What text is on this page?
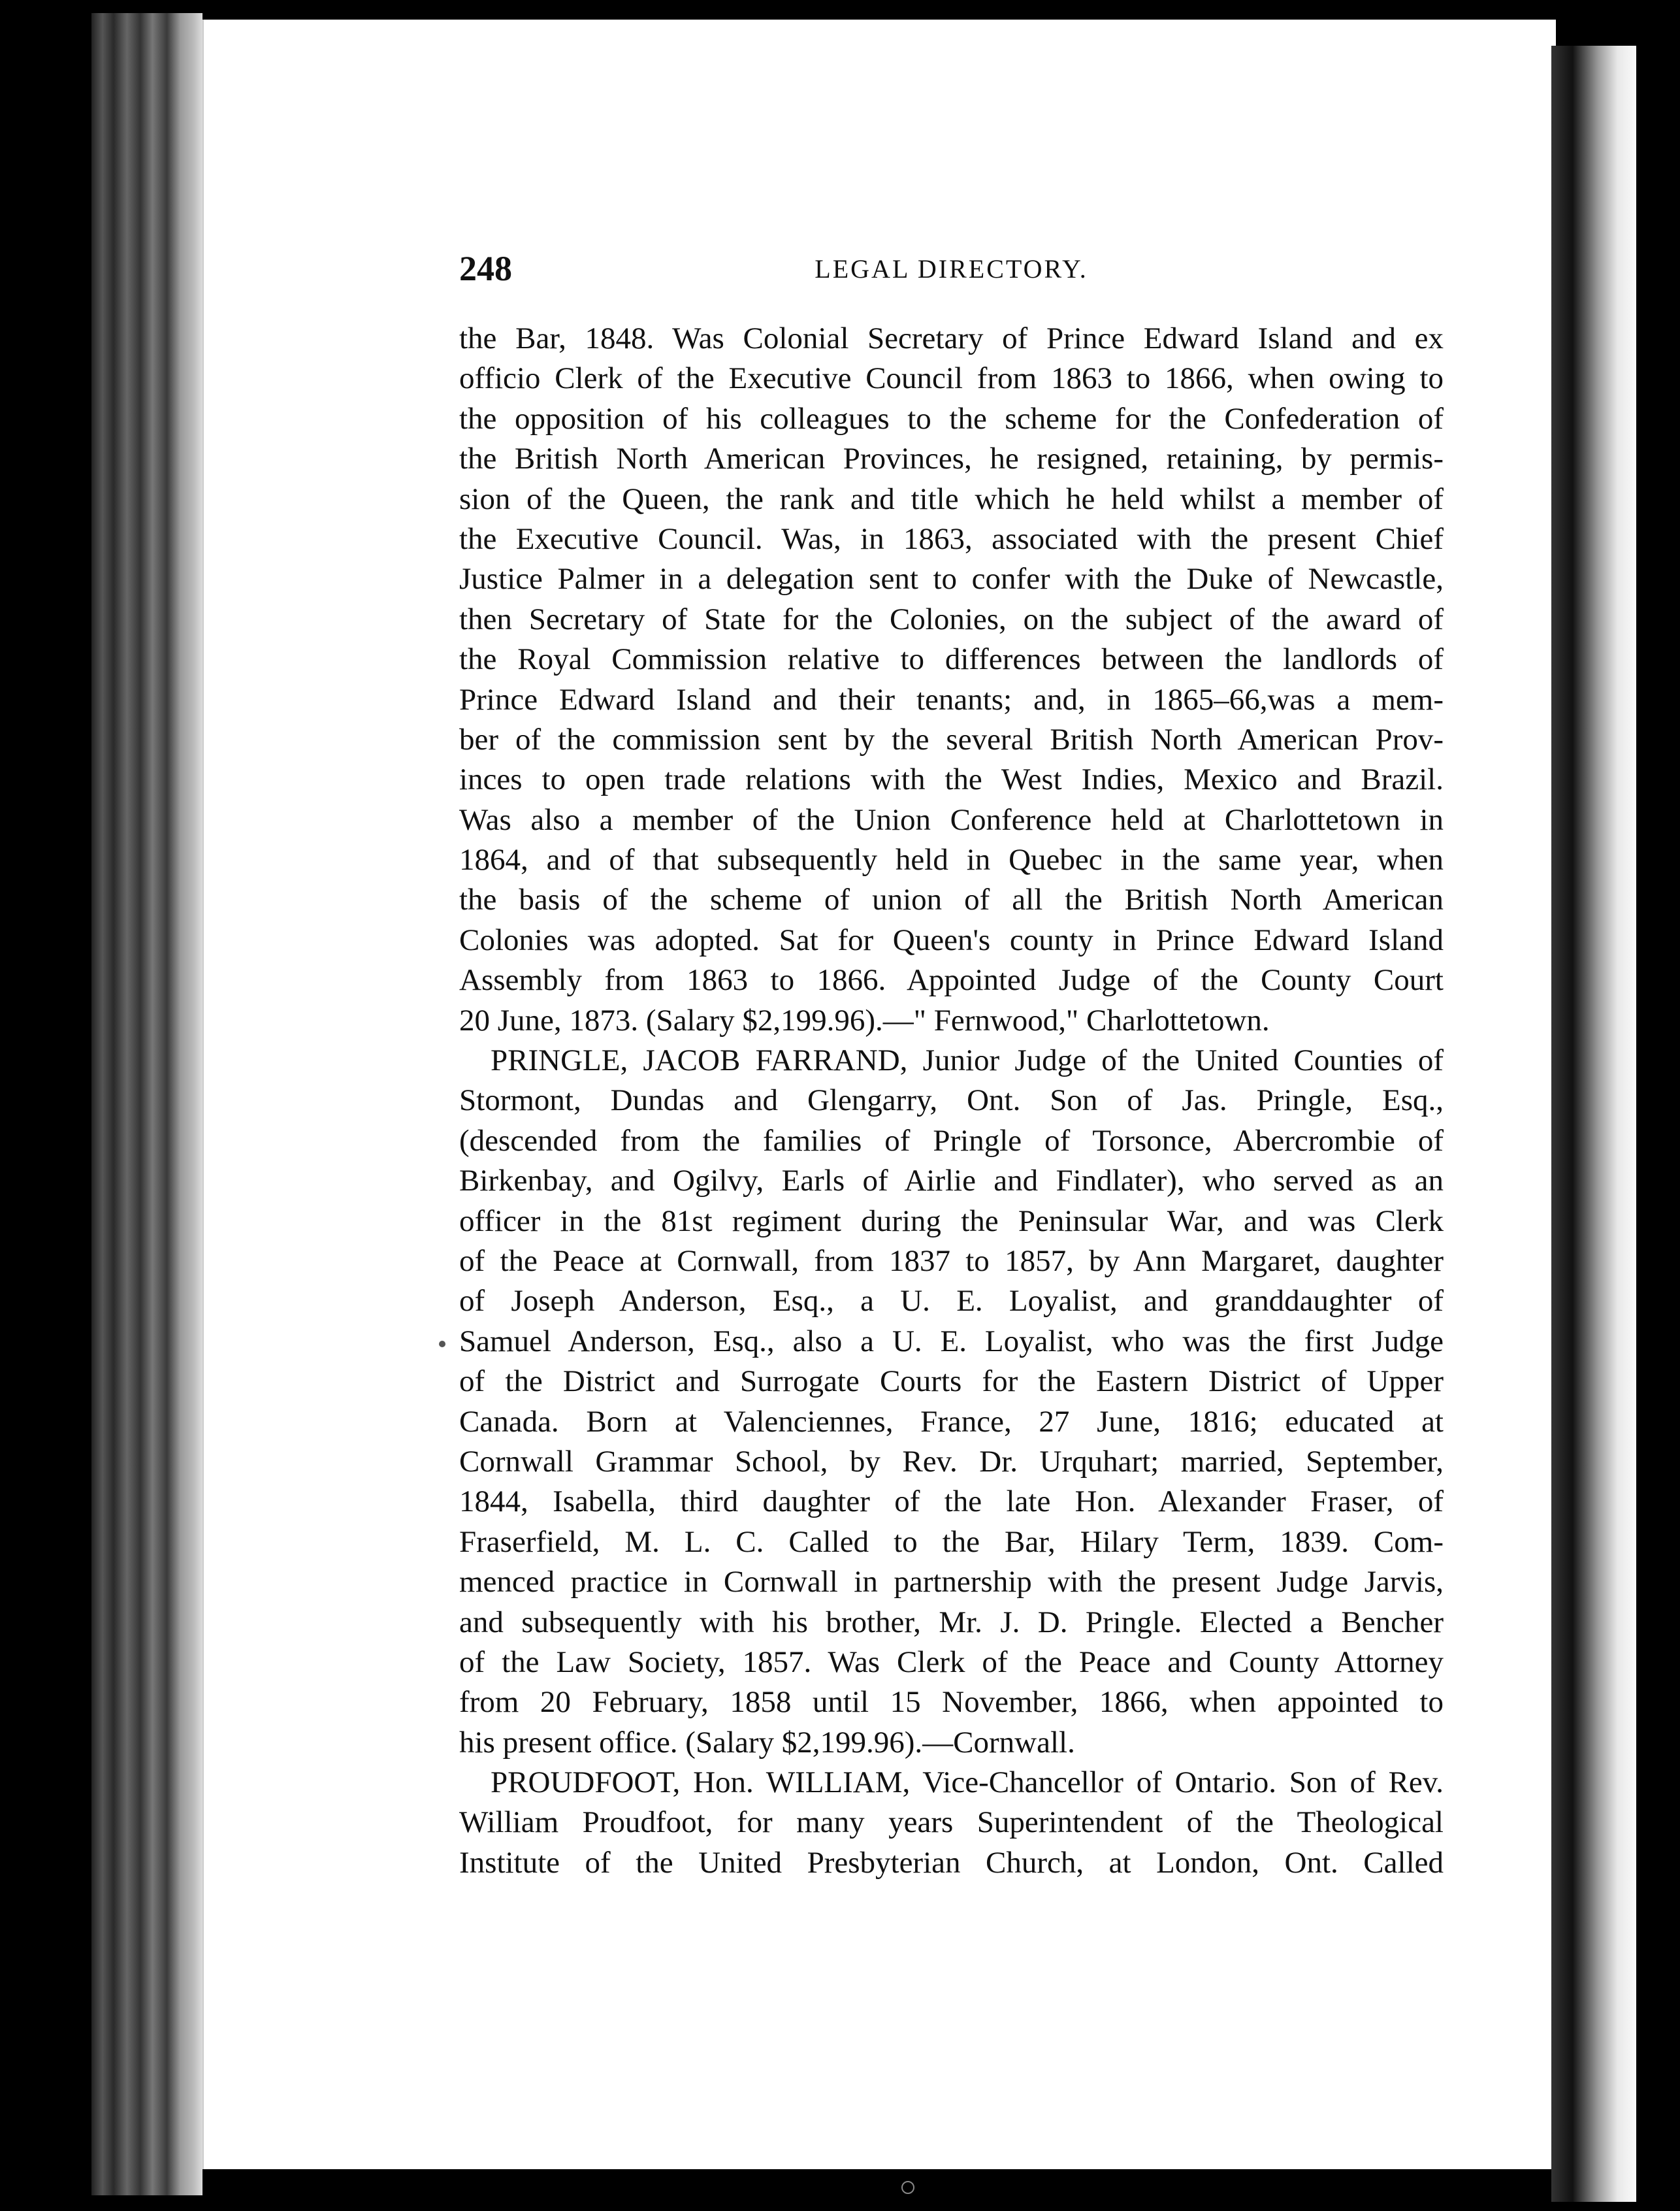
248	LEGAL DIRECTORY.
the Bar, 1848. Was Colonial Secretary of Prince Edward Island and ex
officio Clerk of the Executive Council from 1863 to 1866, when owing to
the opposition of his colleagues to the scheme for the Confederation of
the British North American Provinces, he resigned, retaining, by permis-
sion of the Queen, the rank and title which he held whilst a member of
the Executive Council. Was, in 1863, associated with the present Chief
Justice Palmer in a delegation sent to confer with the Duke of Newcastle,
then Secretary of State for the Colonies, on the subject of the award of
the Royal Commission relative to differences between the landlords of
Prince Edward Island and their tenants; and, in 1865–66,was a mem-
ber of the commission sent by the several British North American Prov-
inces to open trade relations with the West Indies, Mexico and Brazil.
Was also a member of the Union Conference held at Charlottetown in
1864, and of that subsequently held in Quebec in the same year, when
the basis of the scheme of union of all the British North American
Colonies was adopted. Sat for Queen's county in Prince Edward Island
Assembly from 1863 to 1866. Appointed Judge of the County Court
20 June, 1873. (Salary $2,199.96).—" Fernwood," Charlottetown.
PRINGLE, JACOB FARRAND, Junior Judge of the United Counties of
Stormont, Dundas and Glengarry, Ont. Son of Jas. Pringle, Esq.,
(descended from the families of Pringle of Torsonce, Abercrombie of
Birkenbay, and Ogilvy, Earls of Airlie and Findlater), who served as an
officer in the 81st regiment during the Peninsular War, and was Clerk
of the Peace at Cornwall, from 1837 to 1857, by Ann Margaret, daughter
of Joseph Anderson, Esq., a U. E. Loyalist, and granddaughter of
Samuel Anderson, Esq., also a U. E. Loyalist, who was the first Judge
of the District and Surrogate Courts for the Eastern District of Upper
Canada. Born at Valenciennes, France, 27 June, 1816; educated at
Cornwall Grammar School, by Rev. Dr. Urquhart; married, September,
1844, Isabella, third daughter of the late Hon. Alexander Fraser, of
Fraserfield, M. L. C. Called to the Bar, Hilary Term, 1839. Com-
menced practice in Cornwall in partnership with the present Judge Jarvis,
and subsequently with his brother, Mr. J. D. Pringle. Elected a Bencher
of the Law Society, 1857. Was Clerk of the Peace and County Attorney
from 20 February, 1858 until 15 November, 1866, when appointed to
his present office. (Salary $2,199.96).—Cornwall.
PROUDFOOT, Hon. WILLIAM, Vice-Chancellor of Ontario. Son of Rev.
William Proudfoot, for many years Superintendent of the Theological
Institute of the United Presbyterian Church, at London, Ont. Called
